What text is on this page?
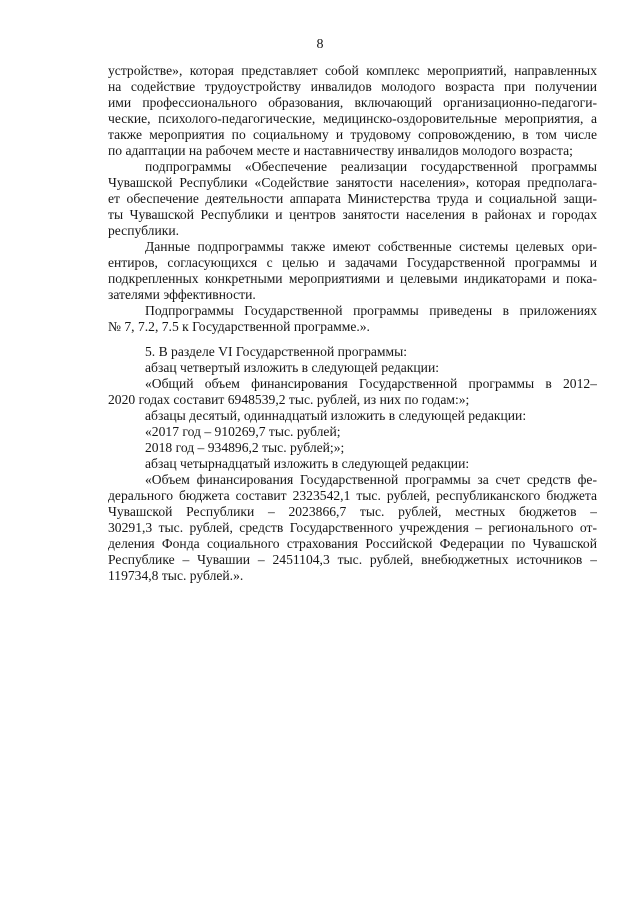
8
устройстве», которая представляет собой комплекс мероприятий, направленных
на содействие трудоустройству инвалидов молодого возраста при получении
ими профессионального образования, включающий организационно-педагоги-
ческие, психолого-педагогические, медицинско-оздоровительные мероприятия, а
также мероприятия по социальному и трудовому сопровождению, в том числе
по адаптации на рабочем месте и наставничеству инвалидов молодого возраста;
подпрограммы «Обеспечение реализации государственной программы
Чувашской Республики «Содействие занятости населения», которая предполага-
ет обеспечение деятельности аппарата Министерства труда и социальной защи-
ты Чувашской Республики и центров занятости населения в районах и городах
республики.
Данные подпрограммы также имеют собственные системы целевых ори-
ентиров, согласующихся с целью и задачами Государственной программы и
подкрепленных конкретными мероприятиями и целевыми индикаторами и пока-
зателями эффективности.
Подпрограммы Государственной программы приведены в приложениях
№ 7, 7.2, 7.5 к Государственной программе.».
5. В разделе VI Государственной программы:
абзац четвертый изложить в следующей редакции:
«Общий объем финансирования Государственной программы в 2012–
2020 годах составит 6948539,2 тыс. рублей, из них по годам:»;
абзацы десятый, одиннадцатый изложить в следующей редакции:
«2017 год – 910269,7 тыс. рублей;
2018 год – 934896,2 тыс. рублей;»;
абзац четырнадцатый изложить в следующей редакции:
«Объем финансирования Государственной программы за счет средств фе-
дерального бюджета составит 2323542,1 тыс. рублей, республиканского бюджета
Чувашской Республики – 2023866,7 тыс. рублей, местных бюджетов –
30291,3 тыс. рублей, средств Государственного учреждения – регионального от-
деления Фонда социального страхования Российской Федерации по Чувашской
Республике – Чувашии – 2451104,3 тыс. рублей, внебюджетных источников –
119734,8 тыс. рублей.».
